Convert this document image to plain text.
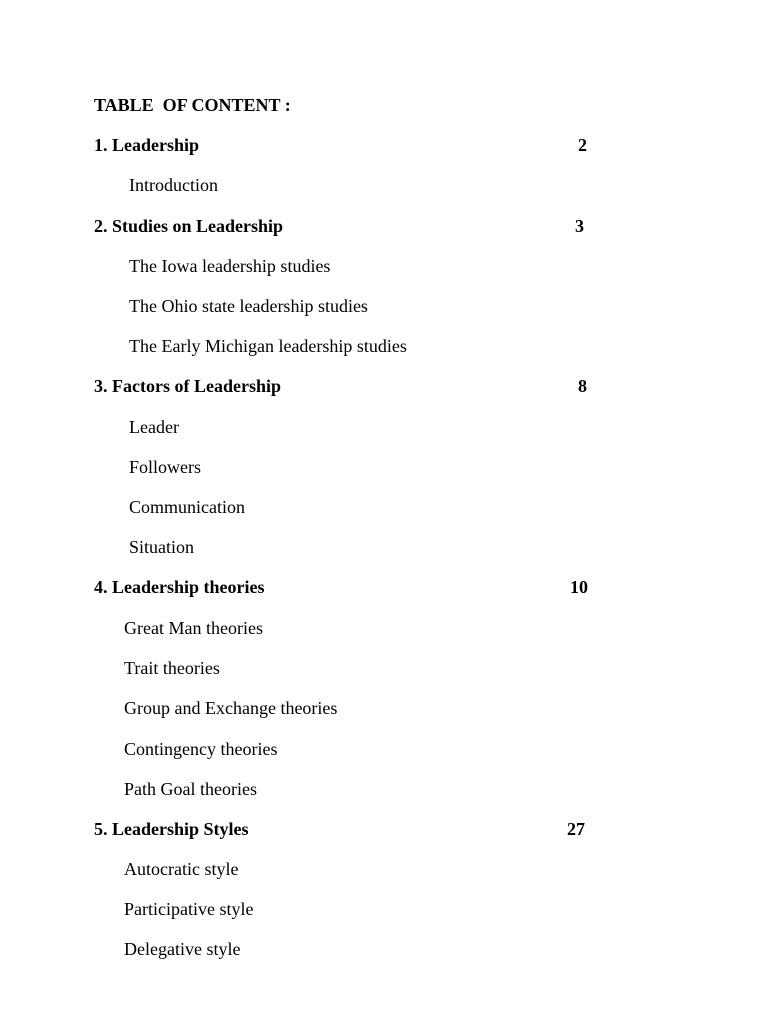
TABLE  OF CONTENT :
1. Leadership	2
Introduction
2. Studies on Leadership	3
The Iowa leadership studies
The Ohio state leadership studies
The Early Michigan leadership studies
3. Factors of Leadership	8
Leader
Followers
Communication
Situation
4. Leadership theories	10
Great Man theories
Trait theories
Group and Exchange theories
Contingency theories
Path Goal theories
5. Leadership Styles	27
Autocratic style
Participative style
Delegative style
